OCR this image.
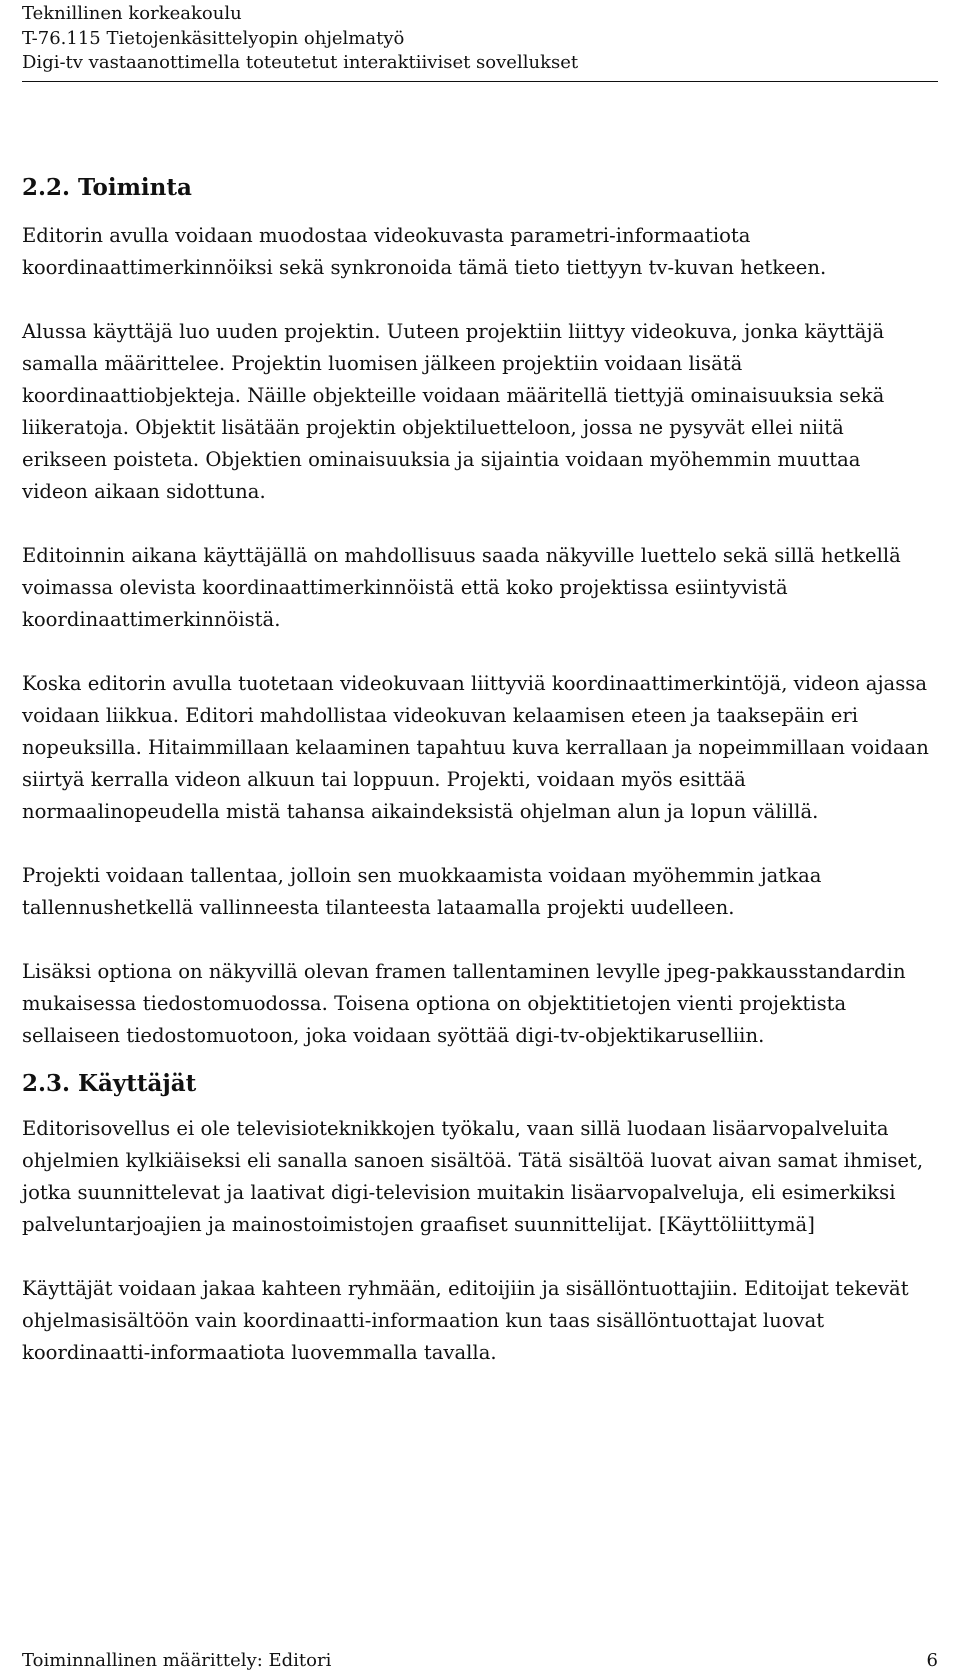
Teknillinen korkeakoulu
T-76.115 Tietojenkäsittelyopin ohjelmatyö
Digi-tv vastaanottimella toteutetut interaktiiviset sovellukset
2.2. Toiminta

Editorin avulla voidaan muodostaa videokuvasta parametri-informaatiota koordinaattimerkinnöiksi sekä synkronoida tämä tieto tiettyyn tv-kuvan hetkeen.

Alussa käyttäjä luo uuden projektin. Uuteen projektiin liittyy videokuva, jonka käyttäjä samalla määrittelee. Projektin luomisen jälkeen projektiin voidaan lisätä koordinaattiobjekteja. Näille objekteille voidaan määritellä tiettyjä ominaisuuksia sekä liikeratoja. Objektit lisätään projektin objektiluetteloon, jossa ne pysyvät ellei niitä erikseen poisteta. Objektien ominaisuuksia ja sijaintia voidaan myöhemmin muuttaa videon aikaan sidottuna.

Editoinnin aikana käyttäjällä on mahdollisuus saada näkyville luettelo sekä sillä hetkellä voimassa olevista koordinaattimerkinnöistä että koko projektissa esiintyvistä koordinaattimerkinnöistä.

Koska editorin avulla tuotetaan videokuvaan liittyviä koordinaattimerkintöjä, videon ajassa voidaan liikkua. Editori mahdollistaa videokuvan kelaamisen eteen ja taaksepäin eri nopeuksilla. Hitaimmillaan kelaaminen tapahtuu kuva kerrallaan ja nopeimmillaan voidaan siirtyä kerralla videon alkuun tai loppuun. Projekti, voidaan myös esittää normaalinopeudella mistä tahansa aikaindeksistä ohjelman alun ja lopun välillä.

Projekti voidaan tallentaa, jolloin sen muokkaamista voidaan myöhemmin jatkaa tallennushetkellä vallinneesta tilanteesta lataamalla projekti uudelleen.

Lisäksi optiona on näkyvillä olevan framen tallentaminen levylle jpeg-pakkausstandardin mukaisessa tiedostomuodossa. Toisena optiona on objektitietojen vienti projektista sellaiseen tiedostomuotoon, joka voidaan syöttää digi-tv-objektikaruselliin.

2.3. Käyttäjät

Editorisovellus ei ole televisioteknikkojen työkalu, vaan sillä luodaan lisäarvopalveluita ohjelmien kylkiäiseksi eli sanalla sanoen sisältöä. Tätä sisältöä luovat aivan samat ihmiset, jotka suunnittelevat ja laativat digi-television muitakin lisäarvopalveluja, eli esimerkiksi palveluntarjoajien ja mainostoimistojen graafiset suunnittelijat. [Käyttöliittymä]

Käyttäjät voidaan jakaa kahteen ryhmään, editoijiin ja sisällöntuottajiin. Editoijat tekevät ohjelmasisältöön vain koordinaatti-informaation kun taas sisällöntuottajat luovat koordinaatti-informaatiota luovemmalla tavalla.

Toiminnallinen määrittely: Editori	6
